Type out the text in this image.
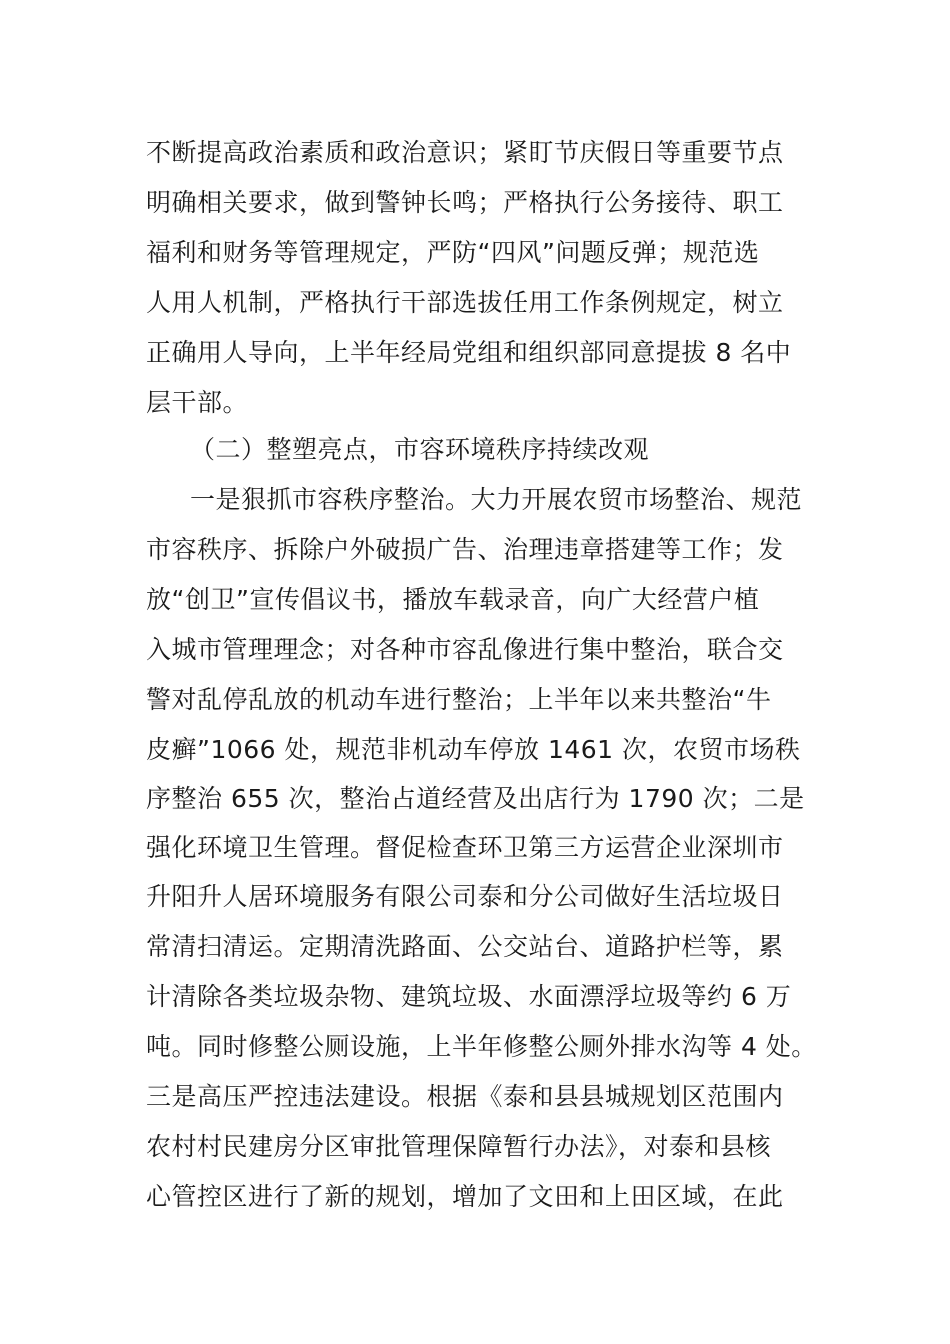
不断提高政治素质和政治意识；紧盯节庆假日等重要节点
明确相关要求，做到警钟长鸣；严格执行公务接待、职工
福利和财务等管理规定，严防“四风”问题反弹；规范选
人用人机制，严格执行干部选拔任用工作条例规定，树立
正确用人导向，上半年经局党组和组织部同意提拔 8 名中
层干部。
（二）整塑亮点，市容环境秩序持续改观
一是狠抓市容秩序整治。大力开展农贸市场整治、规范
市容秩序、拆除户外破损广告、治理违章搭建等工作；发
放“创卫”宣传倡议书，播放车载录音，向广大经营户植
入城市管理理念；对各种市容乱像进行集中整治，联合交
警对乱停乱放的机动车进行整治；上半年以来共整治“牛
皮癣”1066 处，规范非机动车停放 1461 次，农贸市场秩
序整治 655 次，整治占道经营及出店行为 1790 次；二是
强化环境卫生管理。督促检查环卫第三方运营企业深圳市
升阳升人居环境服务有限公司泰和分公司做好生活垃圾日
常清扫清运。定期清洗路面、公交站台、道路护栏等，累
计清除各类垃圾杂物、建筑垃圾、水面漂浮垃圾等约 6 万
吨。同时修整公厕设施，上半年修整公厕外排水沟等 4 处。
三是高压严控违法建设。根据《泰和县县城规划区范围内
农村村民建房分区审批管理保障暂行办法》，对泰和县核
心管控区进行了新的规划，增加了文田和上田区域，在此
